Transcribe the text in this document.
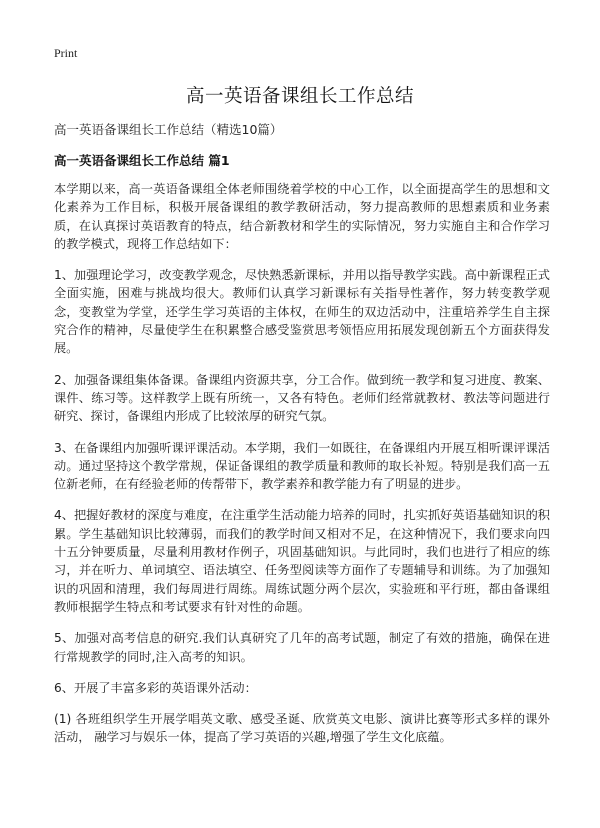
Print
高一英语备课组长工作总结
高一英语备课组长工作总结（精选10篇）
高一英语备课组长工作总结 篇1

本学期以来，高一英语备课组全体老师围绕着学校的中心工作，以全面提高学生的思想和文化素养为工作目标，积极开展备课组的教学教研活动，努力提高教师的思想素质和业务素质，在认真探讨英语教育的特点，结合新教材和学生的实际情况，努力实施自主和合作学习的教学模式，现将工作总结如下：

1、加强理论学习，改变教学观念，尽快熟悉新课标，并用以指导教学实践。高中新课程正式全面实施，困难与挑战均很大。教师们认真学习新课标有关指导性著作，努力转变教学观念，变教堂为学堂，还学生学习英语的主体权，在师生的双边活动中，注重培养学生自主探究合作的精神，尽量使学生在积累整合感受鉴赏思考领悟应用拓展发现创新五个方面获得发展。

2、加强备课组集体备课。备课组内资源共享，分工合作。做到统一教学和复习进度、教案、课件、练习等。这样教学上既有所统一，又各有特色。老师们经常就教材、教法等问题进行研究、探讨，备课组内形成了比较浓厚的研究气氛。

3、在备课组内加强听课评课活动。本学期，我们一如既往，在备课组内开展互相听课评课活动。通过坚持这个教学常规，保证备课组的教学质量和教师的取长补短。特别是我们高一五位新老师，在有经验老师的传帮带下，教学素养和教学能力有了明显的进步。

4、把握好教材的深度与难度，在注重学生活动能力培养的同时，扎实抓好英语基础知识的积累。学生基础知识比较薄弱，而我们的教学时间又相对不足，在这种情况下，我们要求向四十五分钟要质量，尽量利用教材作例子，巩固基础知识。与此同时，我们也进行了相应的练习，并在听力、单词填空、语法填空、任务型阅读等方面作了专题辅导和训练。为了加强知识的巩固和清理，我们每周进行周练。周练试题分两个层次，实验班和平行班，都由备课组教师根据学生特点和考试要求有针对性的命题。

5、加强对高考信息的研究.我们认真研究了几年的高考试题，制定了有效的措施，确保在进行常规教学的同时,注入高考的知识。

6、开展了丰富多彩的英语课外活动：

(1) 各班组织学生开展学唱英文歌、感受圣诞、欣赏英文电影、演讲比赛等形式多样的课外活动， 融学习与娱乐一体，提高了学习英语的兴趣,增强了学生文化底蕴。
